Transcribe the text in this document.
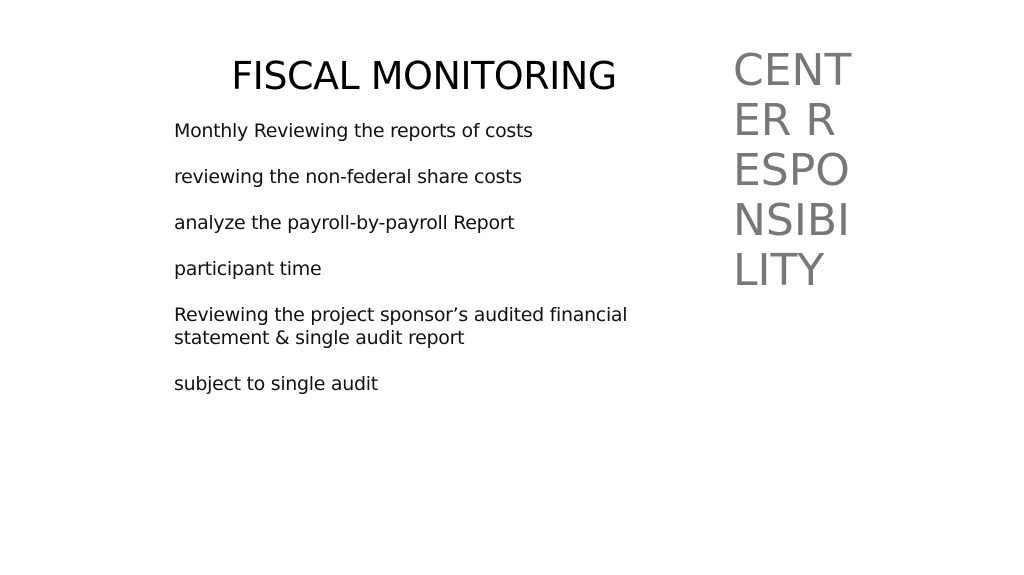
FISCAL MONITORING
Monthly Reviewing the reports of costs
reviewing the non-federal share costs
analyze the payroll-by-payroll Report
participant time
Reviewing the project sponsor’s audited financial statement & single audit report
subject to single audit
CENTER RESPONSIBILITY
